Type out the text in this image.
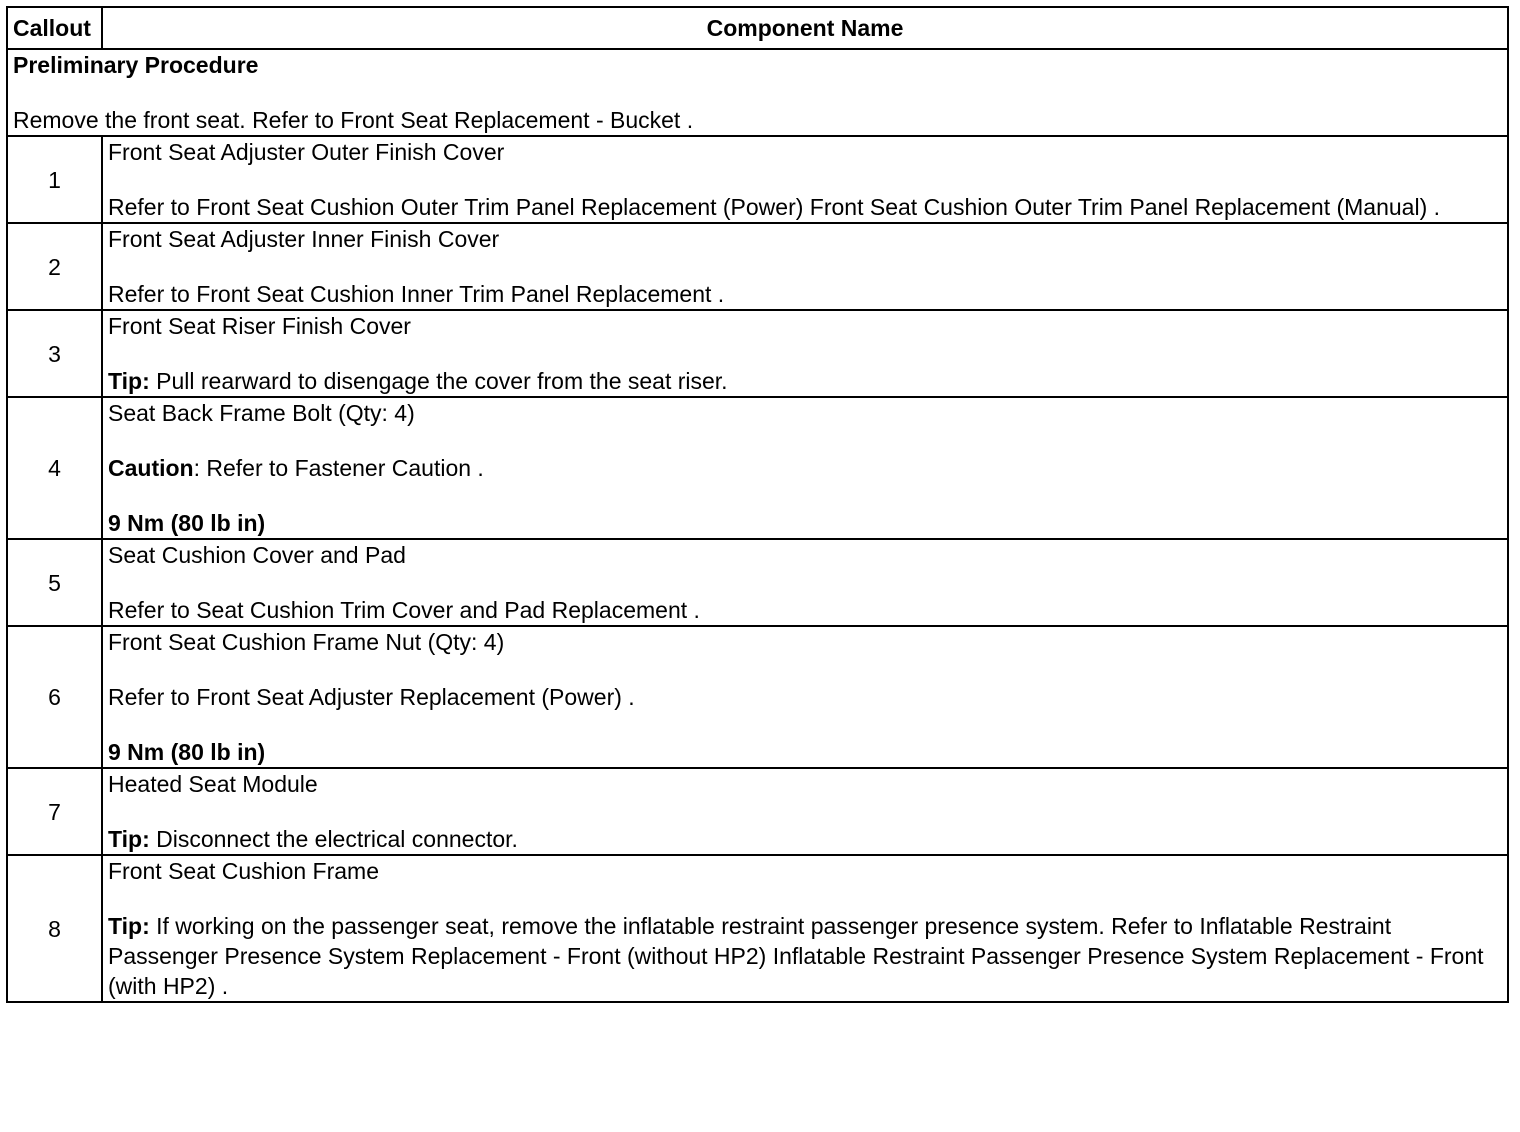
Callout	Component Name

Preliminary Procedure
Remove the front seat. Refer to Front Seat Replacement - Bucket .	

1	Front Seat Adjuster Outer Finish Cover
Refer to Front Seat Cushion Outer Trim Panel Replacement (Power) Front Seat Cushion Outer Trim Panel Replacement (Manual) .

2	Front Seat Adjuster Inner Finish Cover
Refer to Front Seat Cushion Inner Trim Panel Replacement .

3	Front Seat Riser Finish Cover
Tip: Pull rearward to disengage the cover from the seat riser.

4	Seat Back Frame Bolt (Qty: 4)
Caution: Refer to Fastener Caution .
9 Nm (80 lb in)

5	Seat Cushion Cover and Pad
Refer to Seat Cushion Trim Cover and Pad Replacement .

6	Front Seat Cushion Frame Nut (Qty: 4)
Refer to Front Seat Adjuster Replacement (Power) .
9 Nm (80 lb in)

7	Heated Seat Module
Tip: Disconnect the electrical connector.

8	Front Seat Cushion Frame
Tip: If working on the passenger seat, remove the inflatable restraint passenger presence system. Refer to Inflatable Restraint Passenger Presence System Replacement - Front (without HP2) Inflatable Restraint Passenger Presence System Replacement - Front (with HP2) .
